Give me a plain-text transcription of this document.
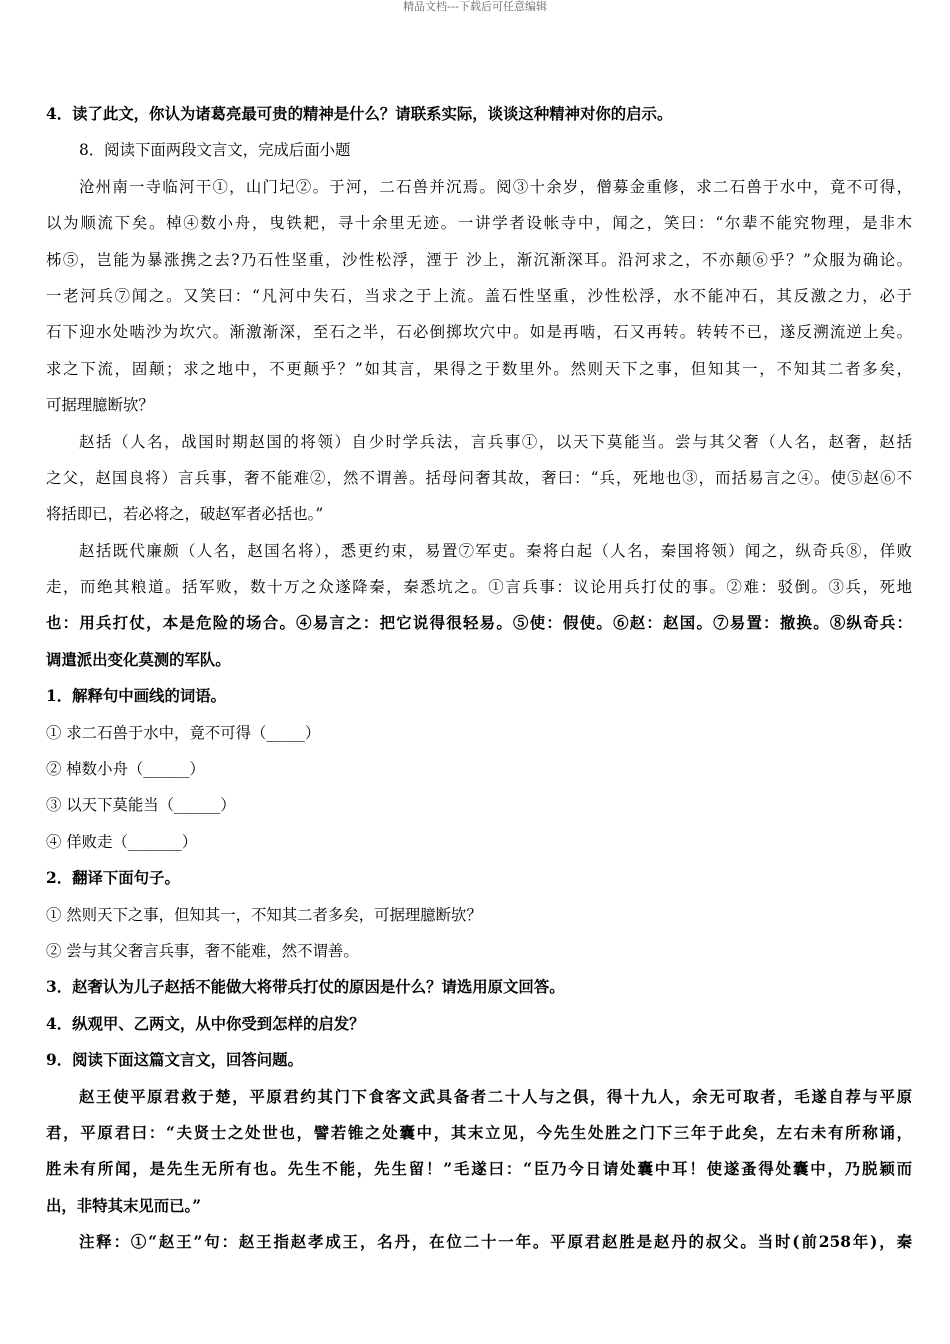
精品文档---下载后可任意编辑
4．读了此文，你认为诸葛亮最可贵的精神是什么？请联系实际，谈谈这种精神对你的启示。
8．阅读下面两段文言文，完成后面小题
沧州南一寺临河干①，山门圮②。于河，二石兽并沉焉。阅③十余岁，僧募金重修，求二石兽于水中，竟不可得，
以为顺流下矣。棹④数小舟，曳铁耙，寻十余里无迹。一讲学者设帐寺中，闻之，笑曰：“尔辈不能究物理，是非木
柹⑤，岂能为暴涨携之去?乃石性坚重，沙性松浮，湮于 沙上，渐沉渐深耳。沿河求之，不亦颠⑥乎？”众服为确论。
一老河兵⑦闻之。又笑曰：“凡河中失石，当求之于上流。盖石性坚重，沙性松浮，水不能冲石，其反激之力，必于
石下迎水处啮沙为坎穴。渐激渐深，至石之半，石必倒掷坎穴中。如是再啮，石又再转。转转不已，遂反溯流逆上矣。
求之下流，固颠；求之地中，不更颠乎？”如其言，果得之于数里外。然则天下之事，但知其一，不知其二者多矣，
可据理臆断欤？
赵括（人名，战国时期赵国的将领）自少时学兵法，言兵事①，以天下莫能当。尝与其父奢（人名，赵奢，赵括
之父，赵国良将）言兵事，奢不能难②，然不谓善。括母问奢其故，奢曰：“兵，死地也③，而括易言之④。使⑤赵⑥不
将括即已，若必将之，破赵军者必括也。”
赵括既代廉颇（人名，赵国名将），悉更约束，易置⑦军吏。秦将白起（人名，秦国将领）闻之，纵奇兵⑧，佯败
走，而绝其粮道。括军败，数十万之众遂降秦，秦悉坑之。①言兵事：议论用兵打仗的事。②难：驳倒。③兵，死地
也：用兵打仗，本是危险的场合。④易言之：把它说得很轻易。⑤使：假使。⑥赵：赵国。⑦易置：撤换。⑧纵奇兵：
调遣派出变化莫测的军队。
1．解释句中画线的词语。
① 求二石兽于水中，竟不可得（_____）
② 棹数小舟（______）
③ 以天下莫能当（______）
④ 佯败走（_______）
2．翻译下面句子。
① 然则天下之事，但知其一，不知其二者多矣，可据理臆断欤？
② 尝与其父奢言兵事，奢不能难，然不谓善。
3．赵奢认为儿子赵括不能做大将带兵打仗的原因是什么？请选用原文回答。
4．纵观甲、乙两文，从中你受到怎样的启发？
9．阅读下面这篇文言文，回答问题。
赵王使平原君救于楚，平原君约其门下食客文武具备者二十人与之俱，得十九人，余无可取者，毛遂自荐与平原
君，平原君曰：“夫贤士之处世也，譬若锥之处囊中，其末立见，今先生处胜之门下三年于此矣，左右未有所称诵，
胜未有所闻，是先生无所有也。先生不能，先生留！”毛遂曰：“臣乃今日请处囊中耳！使遂蚤得处囊中，乃脱颖而
出，非特其末见而已。”
注释：①“赵王”句：赵王指赵孝成王，名丹，在位二十一年。平原君赵胜是赵丹的叔父。当时(前258年)，秦
